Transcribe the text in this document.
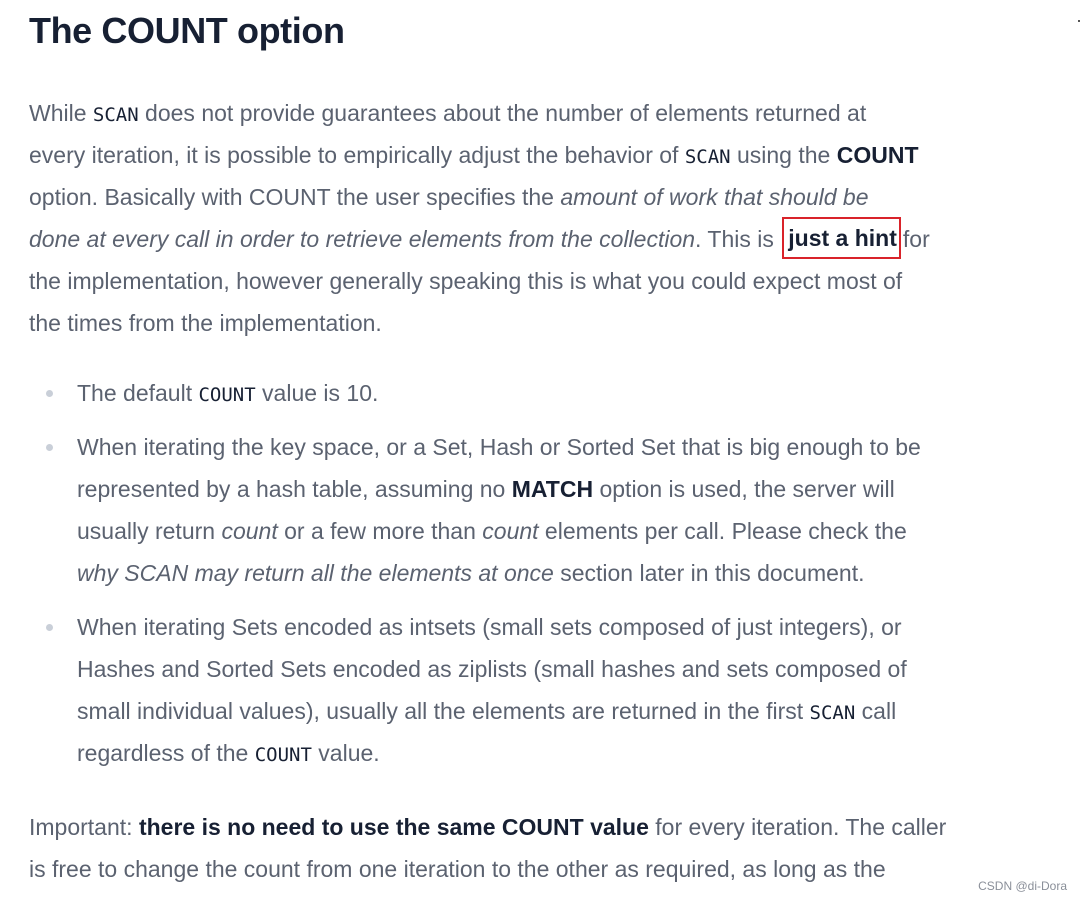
The COUNT option

While SCAN does not provide guarantees about the number of elements returned at
every iteration, it is possible to empirically adjust the behavior of SCAN using the COUNT
option. Basically with COUNT the user specifies the amount of work that should be
done at every call in order to retrieve elements from the collection. This is just a hint for
the implementation, however generally speaking this is what you could expect most of
the times from the implementation.

The default COUNT value is 10.
When iterating the key space, or a Set, Hash or Sorted Set that is big enough to be
represented by a hash table, assuming no MATCH option is used, the server will
usually return count or a few more than count elements per call. Please check the
why SCAN may return all the elements at once section later in this document.
When iterating Sets encoded as intsets (small sets composed of just integers), or
Hashes and Sorted Sets encoded as ziplists (small hashes and sets composed of
small individual values), usually all the elements are returned in the first SCAN call
regardless of the COUNT value.

Important: there is no need to use the same COUNT value for every iteration. The caller
is free to change the count from one iteration to the other as required, as long as the

CSDN @di-Dora
